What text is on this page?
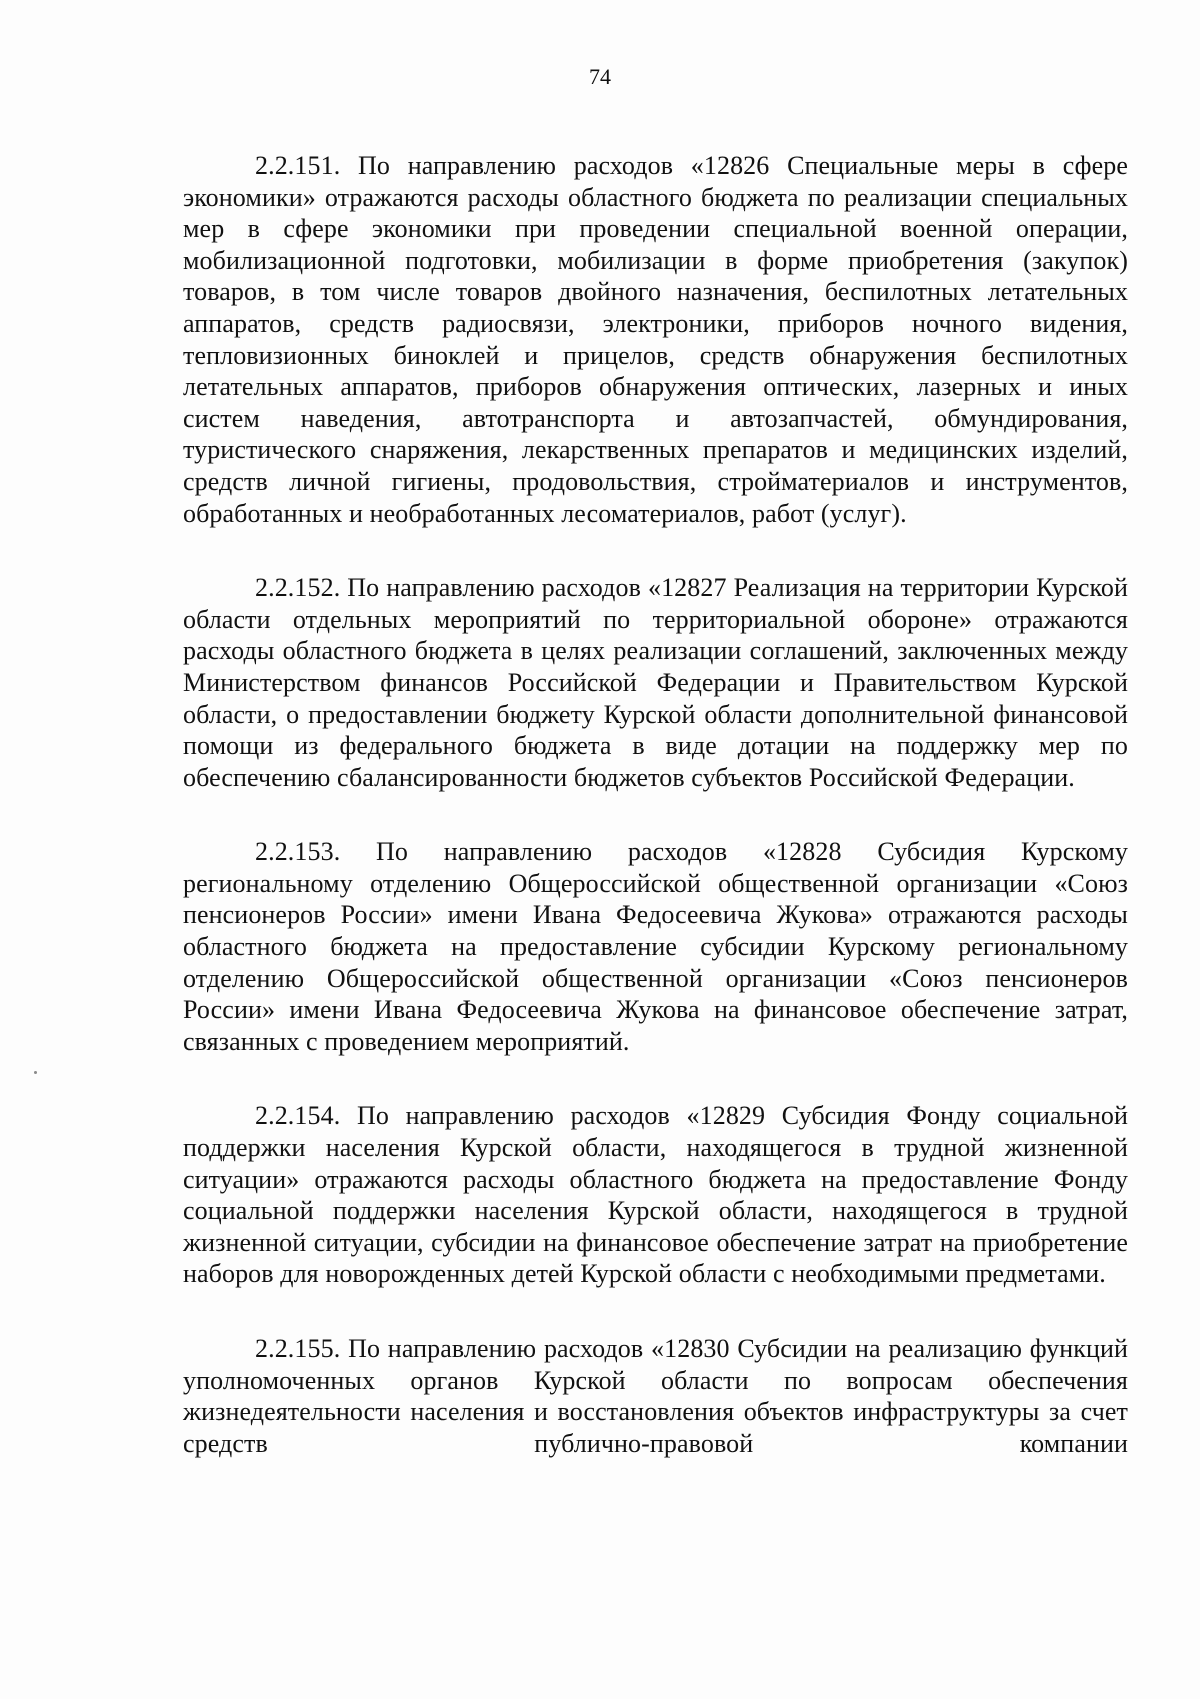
74

2.2.151. По направлению расходов «12826 Специальные меры в сфере экономики» отражаются расходы областного бюджета по реализации специальных мер в сфере экономики при проведении специальной военной операции, мобилизационной подготовки, мобилизации в форме приобретения (закупок) товаров, в том числе товаров двойного назначения, беспилотных летательных аппаратов, средств радиосвязи, электроники, приборов ночного видения, тепловизионных биноклей и прицелов, средств обнаружения беспилотных летательных аппаратов, приборов обнаружения оптических, лазерных и иных систем наведения, автотранспорта и автозапчастей, обмундирования, туристического снаряжения, лекарственных препаратов и медицинских изделий, средств личной гигиены, продовольствия, стройматериалов и инструментов, обработанных и необработанных лесоматериалов, работ (услуг).

2.2.152. По направлению расходов «12827 Реализация на территории Курской области отдельных мероприятий по территориальной обороне» отражаются расходы областного бюджета в целях реализации соглашений, заключенных между Министерством финансов Российской Федерации и Правительством Курской области, о предоставлении бюджету Курской области дополнительной финансовой помощи из федерального бюджета в виде дотации на поддержку мер по обеспечению сбалансированности бюджетов субъектов Российской Федерации.

2.2.153. По направлению расходов «12828 Субсидия Курскому региональному отделению Общероссийской общественной организации «Союз пенсионеров России» имени Ивана Федосеевича Жукова» отражаются расходы областного бюджета на предоставление субсидии Курскому региональному отделению Общероссийской общественной организации «Союз пенсионеров России» имени Ивана Федосеевича Жукова на финансовое обеспечение затрат, связанных с проведением мероприятий.

2.2.154. По направлению расходов «12829 Субсидия Фонду социальной поддержки населения Курской области, находящегося в трудной жизненной ситуации» отражаются расходы областного бюджета на предоставление Фонду социальной поддержки населения Курской области, находящегося в трудной жизненной ситуации, субсидии на финансовое обеспечение затрат на приобретение наборов для новорожденных детей Курской области с необходимыми предметами.

2.2.155. По направлению расходов «12830 Субсидии на реализацию функций уполномоченных органов Курской области по вопросам обеспечения жизнедеятельности населения и восстановления объектов инфраструктуры за счет средств публично-правовой компании
